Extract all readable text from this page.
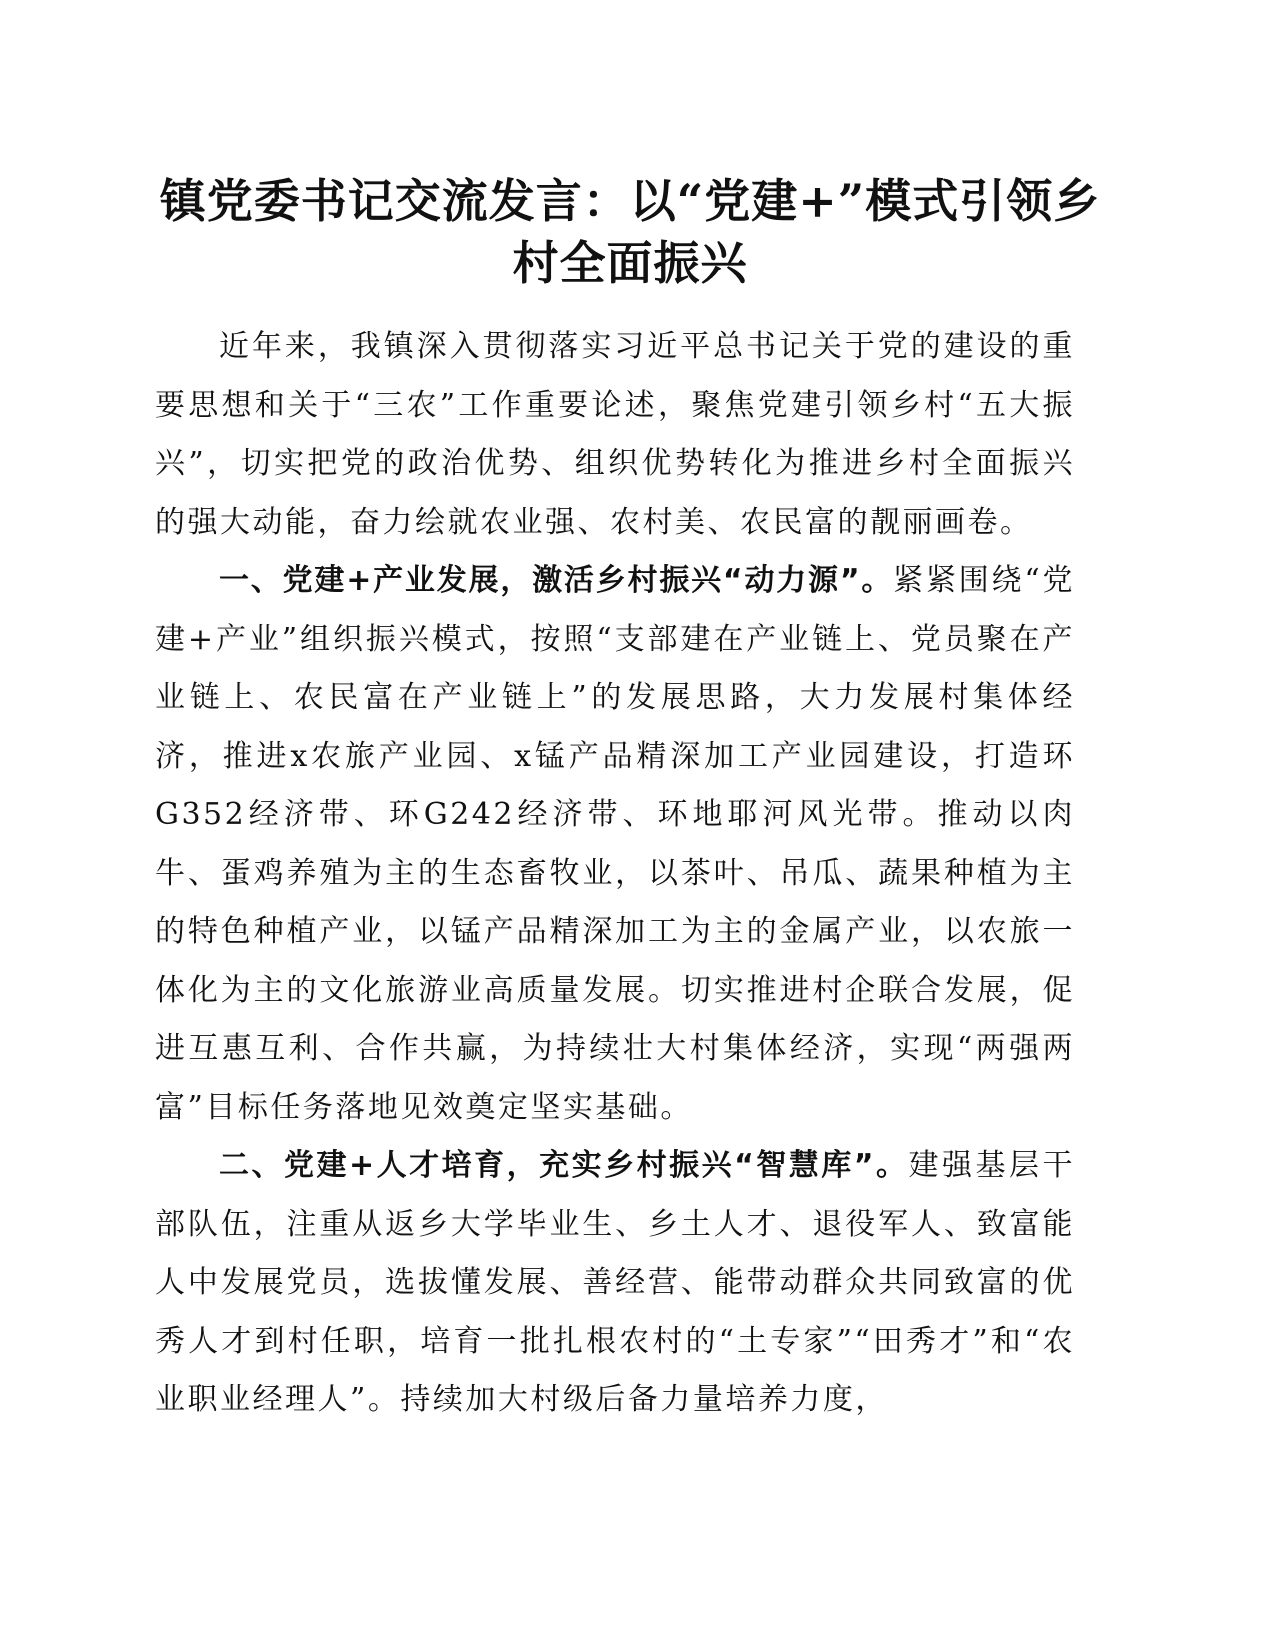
镇党委书记交流发言：以“党建+”模式引领乡村全面振兴

近年来，我镇深入贯彻落实习近平总书记关于党的建设的重要思想和关于“三农”工作重要论述，聚焦党建引领乡村“五大振兴”，切实把党的政治优势、组织优势转化为推进乡村全面振兴的强大动能，奋力绘就农业强、农村美、农民富的靓丽画卷。

一、党建+产业发展，激活乡村振兴“动力源”。紧紧围绕“党建+产业”组织振兴模式，按照“支部建在产业链上、党员聚在产业链上、农民富在产业链上”的发展思路，大力发展村集体经济，推进x农旅产业园、x锰产品精深加工产业园建设，打造环G352经济带、环G242经济带、环地耶河风光带。推动以肉牛、蛋鸡养殖为主的生态畜牧业，以茶叶、吊瓜、蔬果种植为主的特色种植产业，以锰产品精深加工为主的金属产业，以农旅一体化为主的文化旅游业高质量发展。切实推进村企联合发展，促进互惠互利、合作共赢，为持续壮大村集体经济，实现“两强两富”目标任务落地见效奠定坚实基础。

二、党建+人才培育，充实乡村振兴“智慧库”。建强基层干部队伍，注重从返乡大学毕业生、乡土人才、退役军人、致富能人中发展党员，选拔懂发展、善经营、能带动群众共同致富的优秀人才到村任职，培育一批扎根农村的“土专家”“田秀才”和“农业职业经理人”。持续加大村级后备力量培养力度，
